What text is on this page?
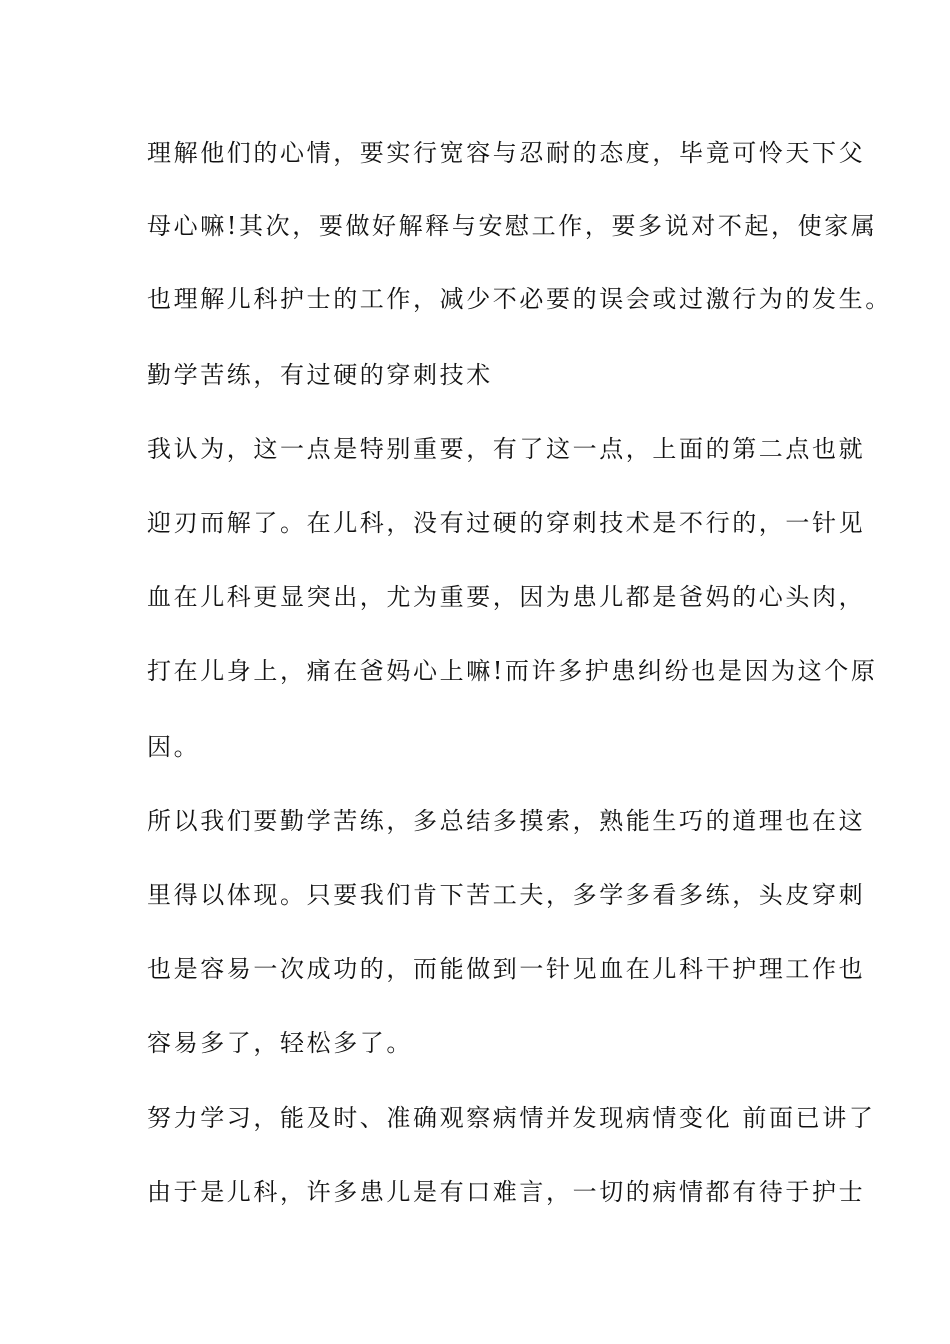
理解他们的心情，要实行宽容与忍耐的态度，毕竟可怜天下父
母心嘛!其次，要做好解释与安慰工作，要多说对不起，使家属
也理解儿科护士的工作，减少不必要的误会或过激行为的发生。
勤学苦练，有过硬的穿刺技术
我认为，这一点是特别重要，有了这一点，上面的第二点也就
迎刃而解了。在儿科，没有过硬的穿刺技术是不行的，一针见
血在儿科更显突出，尤为重要，因为患儿都是爸妈的心头肉，
打在儿身上，痛在爸妈心上嘛!而许多护患纠纷也是因为这个原
因。
所以我们要勤学苦练，多总结多摸索，熟能生巧的道理也在这
里得以体现。只要我们肯下苦工夫，多学多看多练，头皮穿刺
也是容易一次成功的，而能做到一针见血在儿科干护理工作也
容易多了，轻松多了。
努力学习，能及时、准确观察病情并发现病情变化 前面已讲了
由于是儿科，许多患儿是有口难言，一切的病情都有待于护士
